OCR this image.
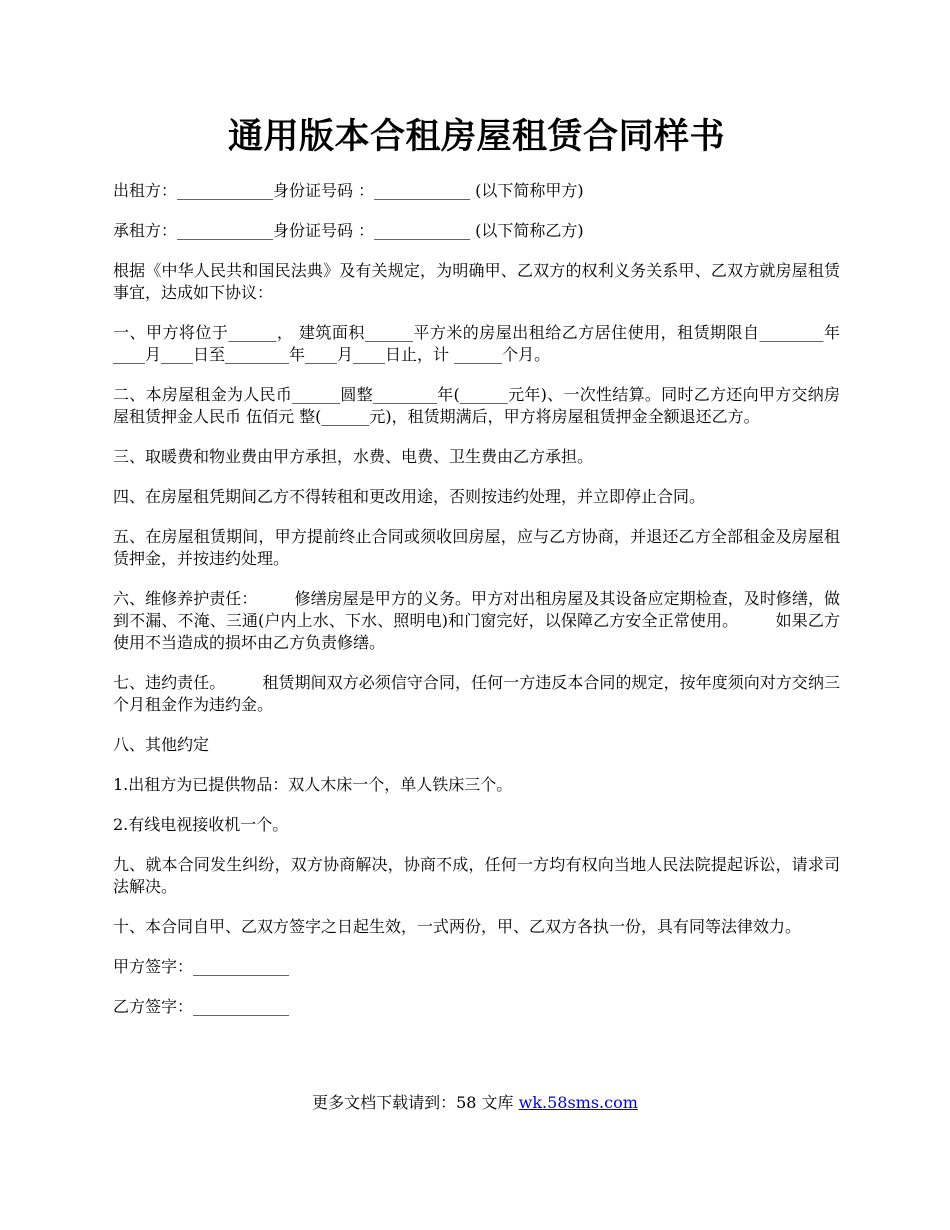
通用版本合租房屋租赁合同样书

出租方：____________身份证号码 ：____________ (以下简称甲方)

承租方：____________身份证号码 ：____________ (以下简称乙方)

根据《中华人民共和国民法典》及有关规定，为明确甲、乙双方的权利义务关系甲、乙双方就房屋租赁事宜，达成如下协议：

一、甲方将位于______， 建筑面积______平方米的房屋出租给乙方居住使用，租赁期限自________年____月____日至________年____月____日止，计 ______个月。

二、本房屋租金为人民币______圆整________年(______元年)、一次性结算。同时乙方还向甲方交纳房屋租赁押金人民币 伍佰元 整(______元)，租赁期满后，甲方将房屋租赁押金全额退还乙方。

三、取暖费和物业费由甲方承担，水费、电费、卫生费由乙方承担。

四、在房屋租凭期间乙方不得转租和更改用途，否则按违约处理，并立即停止合同。

五、在房屋租赁期间，甲方提前终止合同或须收回房屋，应与乙方协商，并退还乙方全部租金及房屋租赁押金，并按违约处理。

六、维修养护责任： 　　修缮房屋是甲方的义务。甲方对出租房屋及其设备应定期检查，及时修缮，做到不漏、不淹、三通(户内上水、下水、照明电)和门窗完好，以保障乙方安全正常使用。 　　如果乙方使用不当造成的损坏由乙方负责修缮。

七、违约责任。 　　租赁期间双方必须信守合同，任何一方违反本合同的规定，按年度须向对方交纳三个月租金作为违约金。

八、其他约定

1.出租方为已提供物品：双人木床一个，单人铁床三个。

2.有线电视接收机一个。

九、就本合同发生纠纷，双方协商解决，协商不成，任何一方均有权向当地人民法院提起诉讼，请求司法解决。

十、本合同自甲、乙双方签字之日起生效，一式两份，甲、乙双方各执一份，具有同等法律效力。

甲方签字：____________

乙方签字：____________

更多文档下载请到：58 文库 wk.58sms.com
